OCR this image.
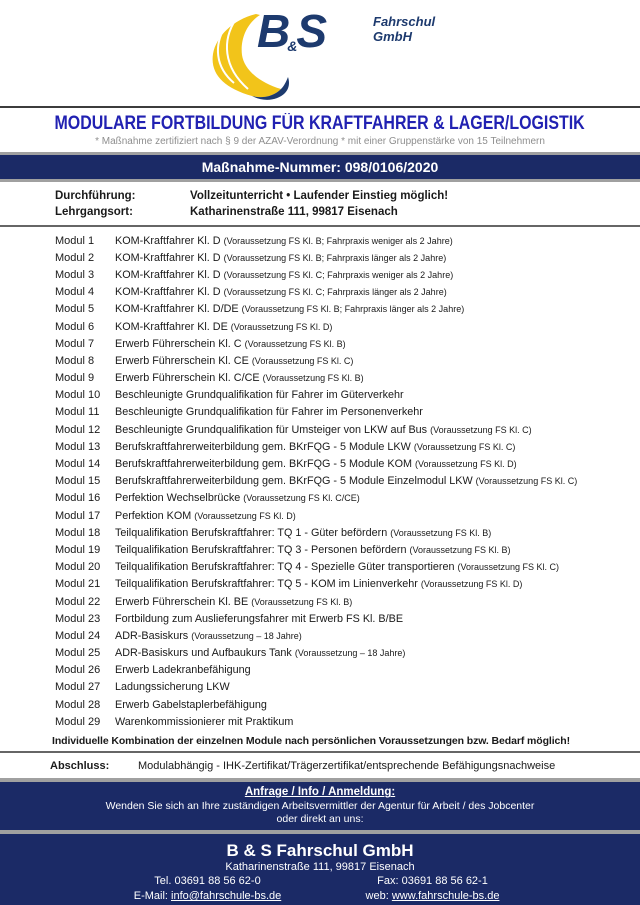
B&S	Fahrschul
GmbH
MODULARE FORTBILDUNG FÜR KRAFTFAHRER & LAGER/LOGISTIK
* Maßnahme zertifiziert nach § 9 der AZAV-Verordnung * mit einer Gruppenstärke von 15 Teilnehmern
Maßnahme-Nummer: 098/0106/2020
Durchführung:	Vollzeitunterricht • Laufender Einstieg möglich!
Lehrgangsort:	Katharinenstraße 111, 99817 Eisenach
Modul 1	KOM-Kraftfahrer Kl. D (Voraussetzung FS Kl. B; Fahrpraxis weniger als 2 Jahre)
Modul 2	KOM-Kraftfahrer Kl. D (Voraussetzung FS Kl. B; Fahrpraxis länger als 2 Jahre)
Modul 3	KOM-Kraftfahrer Kl. D (Voraussetzung FS Kl. C; Fahrpraxis weniger als 2 Jahre)
Modul 4	KOM-Kraftfahrer Kl. D (Voraussetzung FS Kl. C; Fahrpraxis länger als 2 Jahre)
Modul 5	KOM-Kraftfahrer Kl. D/DE (Voraussetzung FS Kl. B; Fahrpraxis länger als 2 Jahre)
Modul 6	KOM-Kraftfahrer Kl. DE (Voraussetzung FS Kl. D)
Modul 7	Erwerb Führerschein Kl. C (Voraussetzung FS Kl. B)
Modul 8	Erwerb Führerschein Kl. CE (Voraussetzung FS Kl. C)
Modul 9	Erwerb Führerschein Kl. C/CE (Voraussetzung FS Kl. B)
Modul 10	Beschleunigte Grundqualifikation für Fahrer im Güterverkehr
Modul 11	Beschleunigte Grundqualifikation für Fahrer im Personenverkehr
Modul 12	Beschleunigte Grundqualifikation für Umsteiger von LKW auf Bus (Voraussetzung FS Kl. C)
Modul 13	Berufskraftfahrerweiterbildung gem. BKrFQG - 5 Module LKW (Voraussetzung FS Kl. C)
Modul 14	Berufskraftfahrerweiterbildung gem. BKrFQG - 5 Module KOM (Voraussetzung FS Kl. D)
Modul 15	Berufskraftfahrerweiterbildung gem. BKrFQG - 5 Module Einzelmodul LKW (Voraussetzung FS Kl. C)
Modul 16	Perfektion Wechselbrücke (Voraussetzung FS Kl. C/CE)
Modul 17	Perfektion KOM (Voraussetzung FS Kl. D)
Modul 18	Teilqualifikation Berufskraftfahrer: TQ 1 - Güter befördern (Voraussetzung FS Kl. B)
Modul 19	Teilqualifikation Berufskraftfahrer: TQ 3 - Personen befördern (Voraussetzung FS Kl. B)
Modul 20	Teilqualifikation Berufskraftfahrer: TQ 4 - Spezielle Güter transportieren (Voraussetzung FS Kl. C)
Modul 21	Teilqualifikation Berufskraftfahrer: TQ 5 - KOM im Linienverkehr (Voraussetzung FS Kl. D)
Modul 22	Erwerb Führerschein Kl. BE (Voraussetzung FS Kl. B)
Modul 23	Fortbildung zum Auslieferungsfahrer mit Erwerb FS Kl. B/BE
Modul 24	ADR-Basiskurs (Voraussetzung – 18 Jahre)
Modul 25	ADR-Basiskurs und Aufbaukurs Tank (Voraussetzung – 18 Jahre)
Modul 26	Erwerb Ladekranbefähigung
Modul 27	Ladungssicherung LKW
Modul 28	Erwerb Gabelstaplerbefähigung
Modul 29	Warenkommissionierer mit Praktikum
Individuelle Kombination der einzelnen Module nach persönlichen Voraussetzungen bzw. Bedarf möglich!
Abschluss:	Modulabhängig - IHK-Zertifikat/Trägerzertifikat/entsprechende Befähigungsnachweise
Anfrage / Info / Anmeldung:
Wenden Sie sich an Ihre zuständigen Arbeitsvermittler der Agentur für Arbeit / des Jobcenter
oder direkt an uns:
B & S Fahrschul GmbH
Katharinenstraße 111, 99817 Eisenach
Tel. 03691 88 56 62-0	Fax: 03691 88 56 62-1
E-Mail: info@fahrschule-bs.de	web: www.fahrschule-bs.de
